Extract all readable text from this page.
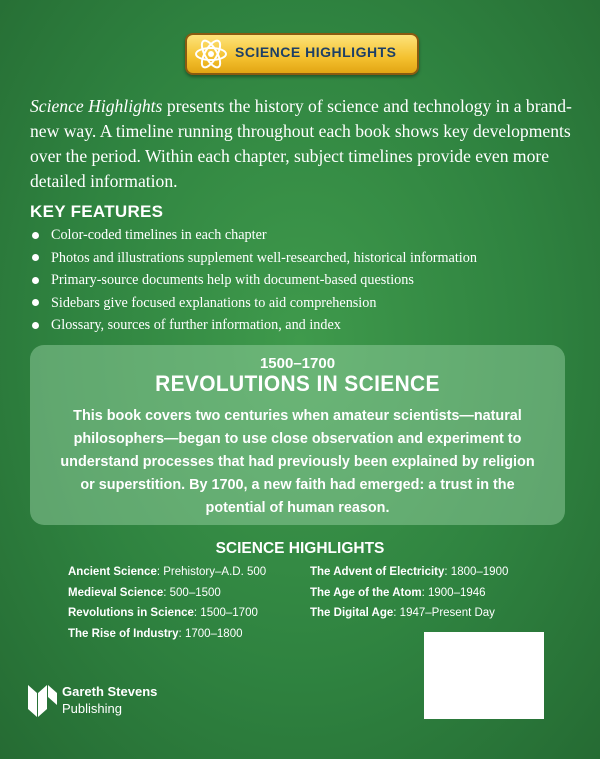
SCIENCE HIGHLIGHTS

Science Highlights presents the history of science and technology in a brand-new way. A timeline running throughout each book shows key developments over the period. Within each chapter, subject timelines provide even more detailed information.

KEY FEATURES
Color-coded timelines in each chapter
Photos and illustrations supplement well-researched, historical information
Primary-source documents help with document-based questions
Sidebars give focused explanations to aid comprehension
Glossary, sources of further information, and index
1500–1700
REVOLUTIONS IN SCIENCE
This book covers two centuries when amateur scientists—natural philosophers—began to use close observation and experiment to understand processes that had previously been explained by religion or superstition. By 1700, a new faith had emerged: a trust in the potential of human reason.
SCIENCE HIGHLIGHTS
Ancient Science: Prehistory–A.D. 500
Medieval Science: 500–1500
Revolutions in Science: 1500–1700
The Rise of Industry: 1700–1800
The Advent of Electricity: 1800–1900
The Age of the Atom: 1900–1946
The Digital Age: 1947–Present Day
Gareth Stevens
Publishing
